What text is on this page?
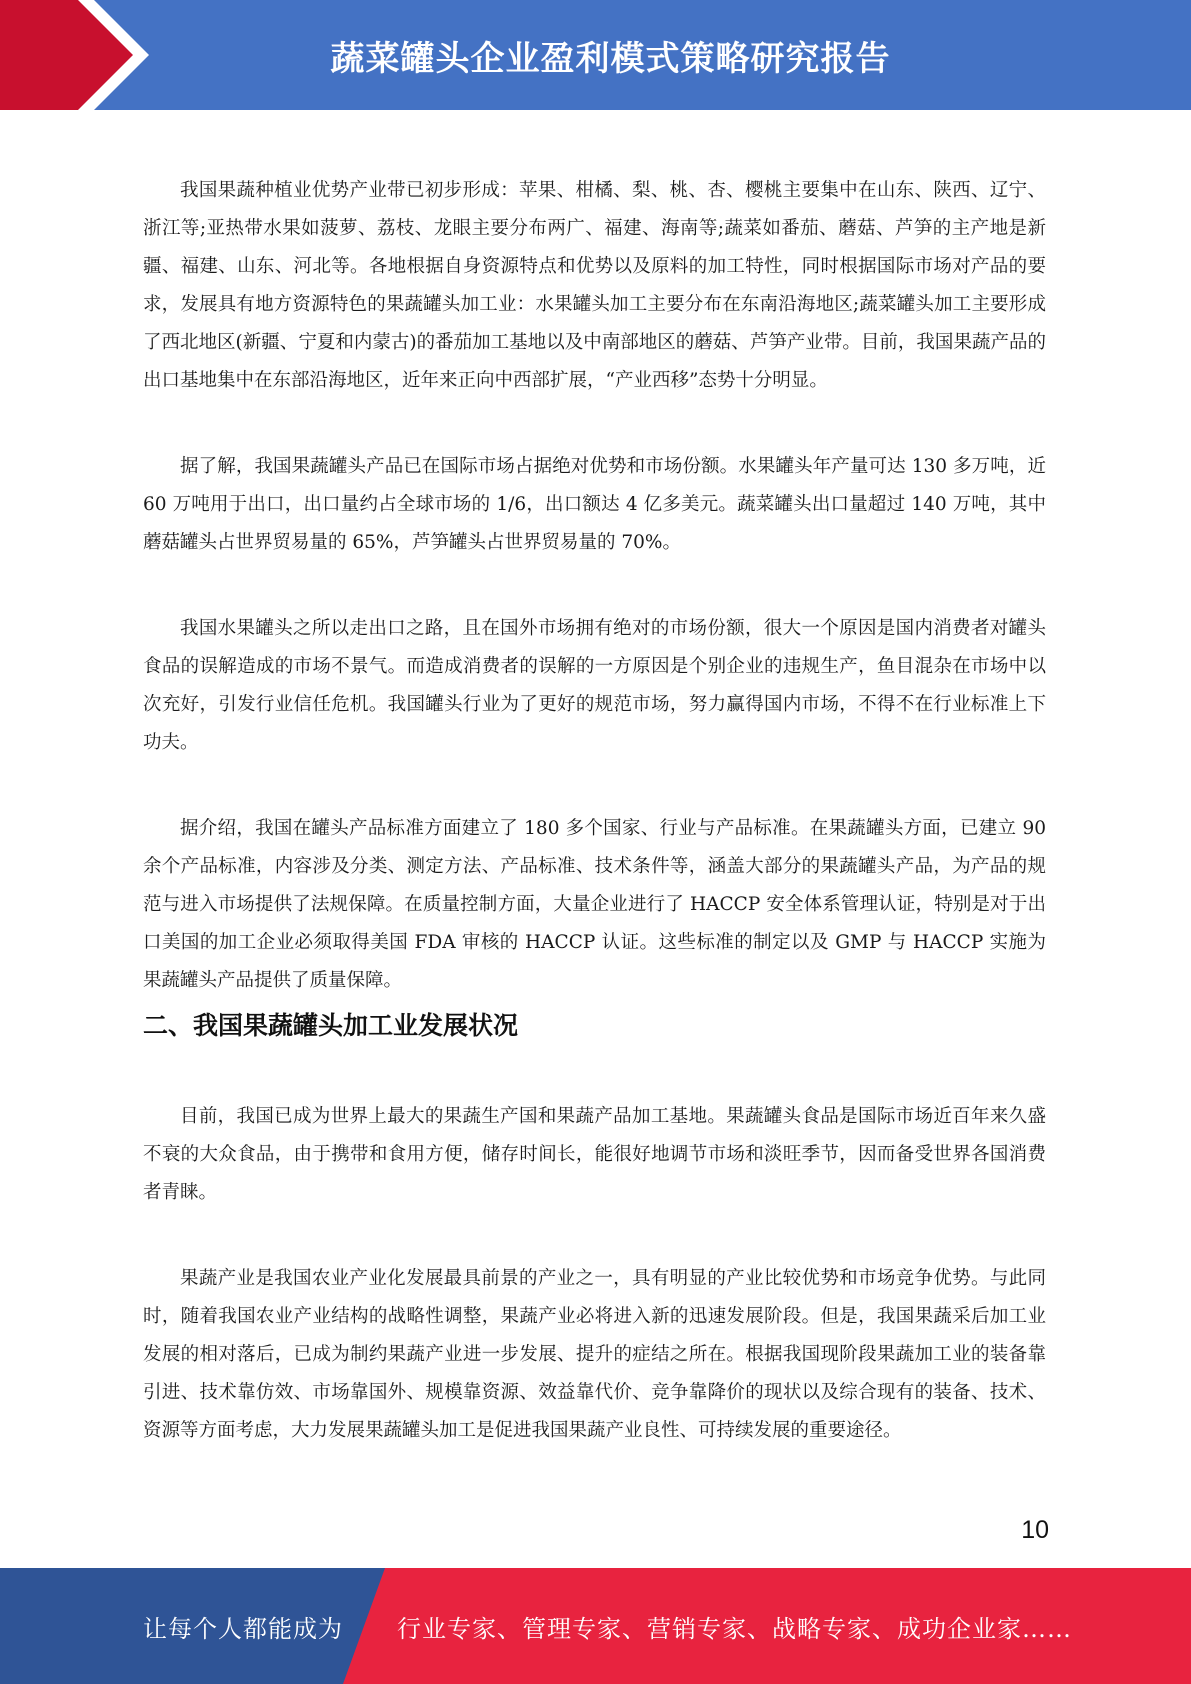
蔬菜罐头企业盈利模式策略研究报告

我国果蔬种植业优势产业带已初步形成：苹果、柑橘、梨、桃、杏、樱桃主要集中在山东、陕西、辽宁、浙江等;亚热带水果如菠萝、荔枝、龙眼主要分布两广、福建、海南等;蔬菜如番茄、蘑菇、芦笋的主产地是新疆、福建、山东、河北等。各地根据自身资源特点和优势以及原料的加工特性，同时根据国际市场对产品的要求，发展具有地方资源特色的果蔬罐头加工业：水果罐头加工主要分布在东南沿海地区;蔬菜罐头加工主要形成了西北地区(新疆、宁夏和内蒙古)的番茄加工基地以及中南部地区的蘑菇、芦笋产业带。目前，我国果蔬产品的出口基地集中在东部沿海地区，近年来正向中西部扩展，“产业西移”态势十分明显。

据了解，我国果蔬罐头产品已在国际市场占据绝对优势和市场份额。水果罐头年产量可达 130 多万吨，近 60 万吨用于出口，出口量约占全球市场的 1/6，出口额达 4 亿多美元。蔬菜罐头出口量超过 140 万吨，其中蘑菇罐头占世界贸易量的 65%，芦笋罐头占世界贸易量的 70%。

我国水果罐头之所以走出口之路，且在国外市场拥有绝对的市场份额，很大一个原因是国内消费者对罐头食品的误解造成的市场不景气。而造成消费者的误解的一方原因是个别企业的违规生产，鱼目混杂在市场中以次充好，引发行业信任危机。我国罐头行业为了更好的规范市场，努力赢得国内市场，不得不在行业标准上下功夫。

据介绍，我国在罐头产品标准方面建立了 180 多个国家、行业与产品标准。在果蔬罐头方面，已建立 90 余个产品标准，内容涉及分类、测定方法、产品标准、技术条件等，涵盖大部分的果蔬罐头产品，为产品的规范与进入市场提供了法规保障。在质量控制方面，大量企业进行了 HACCP 安全体系管理认证，特别是对于出口美国的加工企业必须取得美国 FDA 审核的 HACCP 认证。这些标准的制定以及 GMP 与 HACCP 实施为果蔬罐头产品提供了质量保障。

二、我国果蔬罐头加工业发展状况

目前，我国已成为世界上最大的果蔬生产国和果蔬产品加工基地。果蔬罐头食品是国际市场近百年来久盛不衰的大众食品，由于携带和食用方便，储存时间长，能很好地调节市场和淡旺季节，因而备受世界各国消费者青睐。

果蔬产业是我国农业产业化发展最具前景的产业之一，具有明显的产业比较优势和市场竞争优势。与此同时，随着我国农业产业结构的战略性调整，果蔬产业必将进入新的迅速发展阶段。但是，我国果蔬采后加工业发展的相对落后，已成为制约果蔬产业进一步发展、提升的症结之所在。根据我国现阶段果蔬加工业的装备靠引进、技术靠仿效、市场靠国外、规模靠资源、效益靠代价、竞争靠降价的现状以及综合现有的装备、技术、资源等方面考虑，大力发展果蔬罐头加工是促进我国果蔬产业良性、可持续发展的重要途径。

10
让每个人都能成为 行业专家、管理专家、营销专家、战略专家、成功企业家……
